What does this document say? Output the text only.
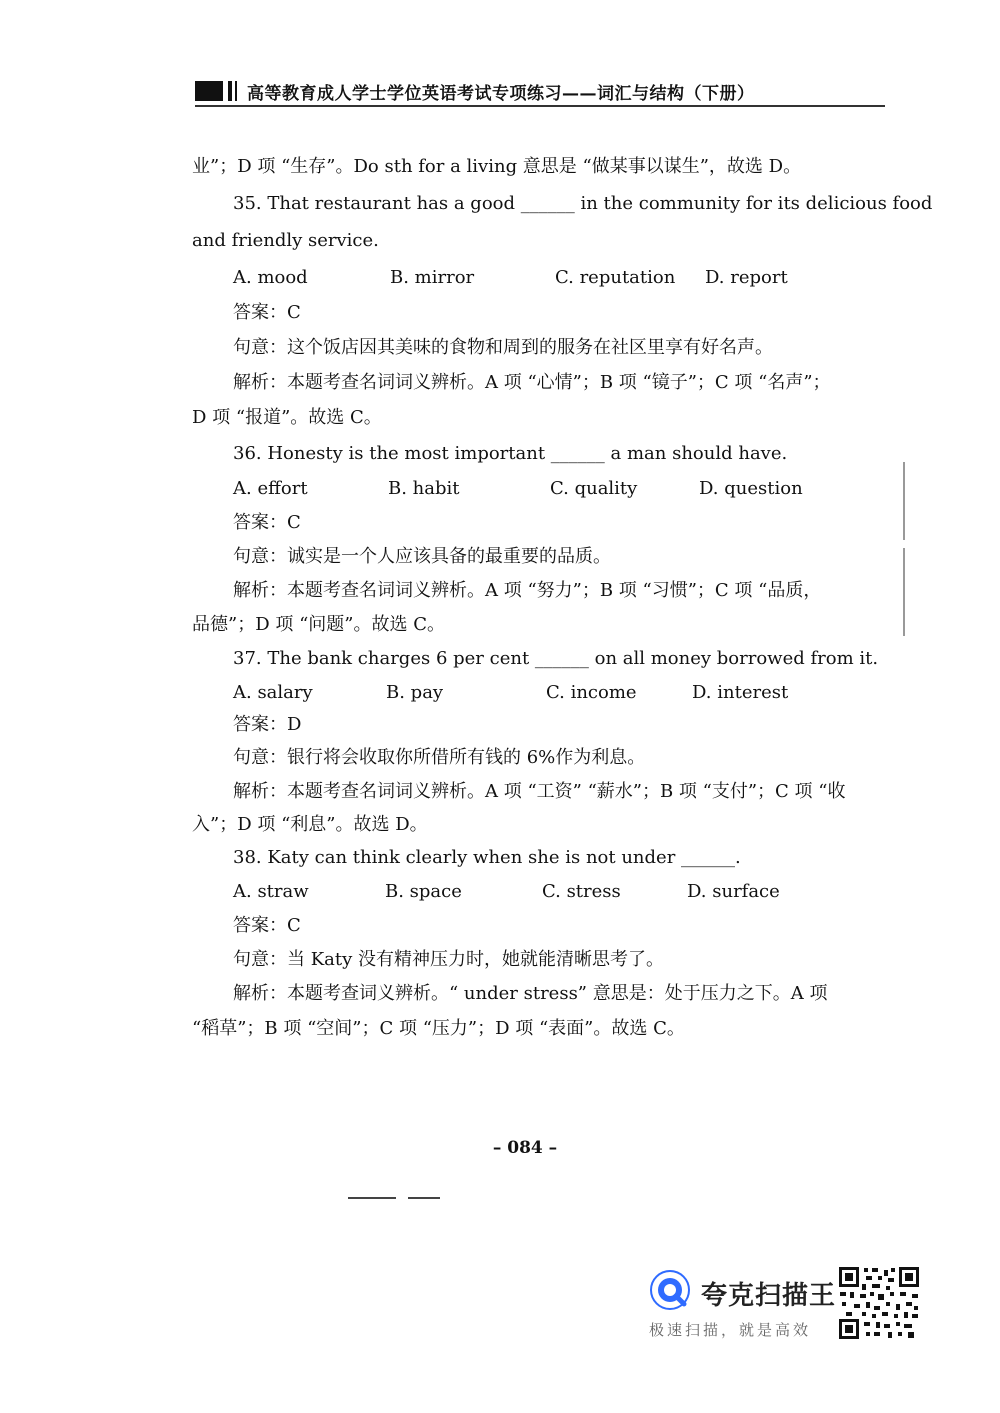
高等教育成人学士学位英语考试专项练习——词汇与结构（下册）
业”；D 项 “生存”。Do sth for a living 意思是 “做某事以谋生”，故选 D。
35. That restaurant has a good ______ in the community for its delicious food
and friendly service.
A. mood	B. mirror	C. reputation D. report
答案：C
句意：这个饭店因其美味的食物和周到的服务在社区里享有好名声。
解析：本题考查名词词义辨析。A 项 “心情”；B 项 “镜子”；C 项 “名声”；
D 项 “报道”。故选 C。
36. Honesty is the most important ______ a man should have.
A. effort	B. habit	C. quality	D. question
答案：C
句意：诚实是一个人应该具备的最重要的品质。
解析：本题考查名词词义辨析。A 项 “努力”；B 项 “习惯”；C 项 “品质，
品德”；D 项 “问题”。故选 C。
37. The bank charges 6 per cent ______ on all money borrowed from it.
A. salary	B. pay	C. income	D. interest
答案：D
句意：银行将会收取你所借所有钱的 6%作为利息。
解析：本题考查名词词义辨析。A 项 “工资” “薪水”；B 项 “支付”；C 项 “收
入”；D 项 “利息”。故选 D。
38. Katy can think clearly when she is not under ______.
A. straw	B. space	C. stress	D. surface
答案：C
句意：当 Katy 没有精神压力时，她就能清晰思考了。
解析：本题考查词义辨析。“ under stress” 意思是：处于压力之下。A 项
“稻草”；B 项 “空间”；C 项 “压力”；D 项 “表面”。故选 C。
– 084 –
夸克扫描王
极速扫描，就是高效
